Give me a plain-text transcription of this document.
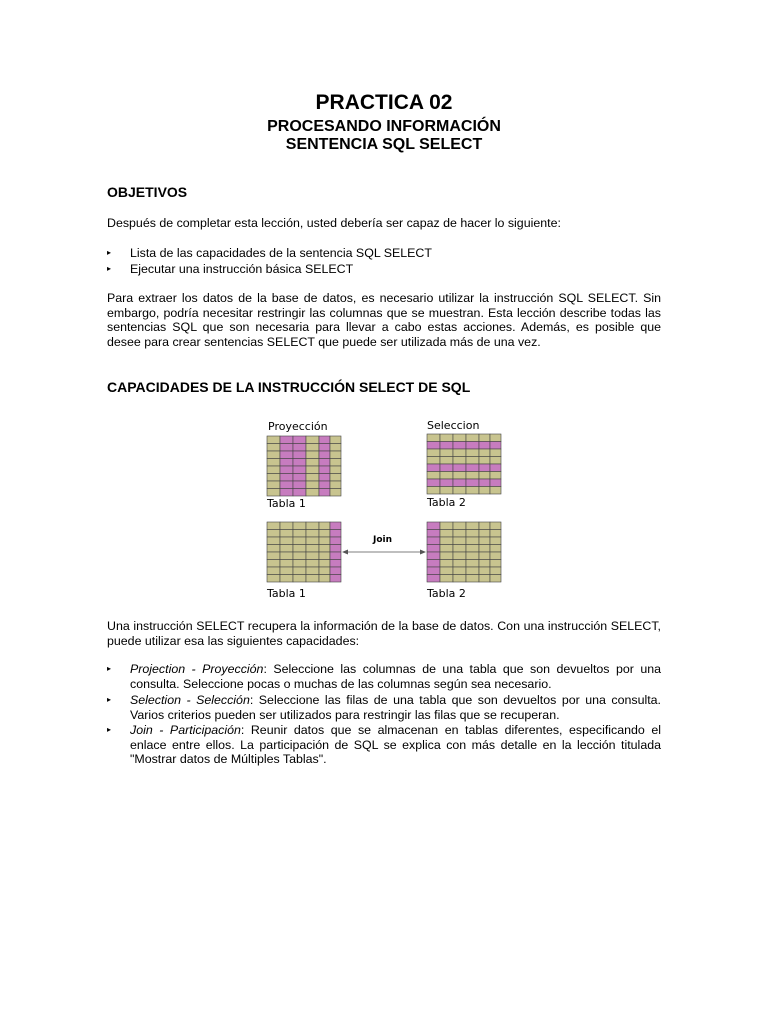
PRACTICA 02
PROCESANDO INFORMACIÓN
SENTENCIA SQL SELECT
OBJETIVOS
Después de completar esta lección, usted debería ser capaz de hacer lo siguiente:
▸ Lista de las capacidades de la sentencia SQL SELECT
▸ Ejecutar una instrucción básica SELECT
Para extraer los datos de la base de datos, es necesario utilizar la instrucción SQL SELECT. Sin embargo, podría necesitar restringir las columnas que se muestran. Esta lección describe todas las sentencias SQL que son necesaria para llevar a cabo estas acciones. Además, es posible que desee para crear sentencias SELECT que puede ser utilizada más de una vez.
CAPACIDADES DE LA INSTRUCCIÓN SELECT DE SQL
Proyección	Seleccion
Tabla 1	Tabla 2
Join
Tabla 1	Tabla 2
Una instrucción SELECT recupera la información de la base de datos. Con una instrucción SELECT, puede utilizar esa las siguientes capacidades:
▸ Projection - Proyección: Seleccione las columnas de una tabla que son devueltos por una consulta. Seleccione pocas o muchas de las columnas según sea necesario.
▸ Selection - Selección: Seleccione las filas de una tabla que son devueltos por una consulta. Varios criterios pueden ser utilizados para restringir las filas que se recuperan.
▸ Join - Participación: Reunir datos que se almacenan en tablas diferentes, especificando el enlace entre ellos. La participación de SQL se explica con más detalle en la lección titulada "Mostrar datos de Múltiples Tablas".
